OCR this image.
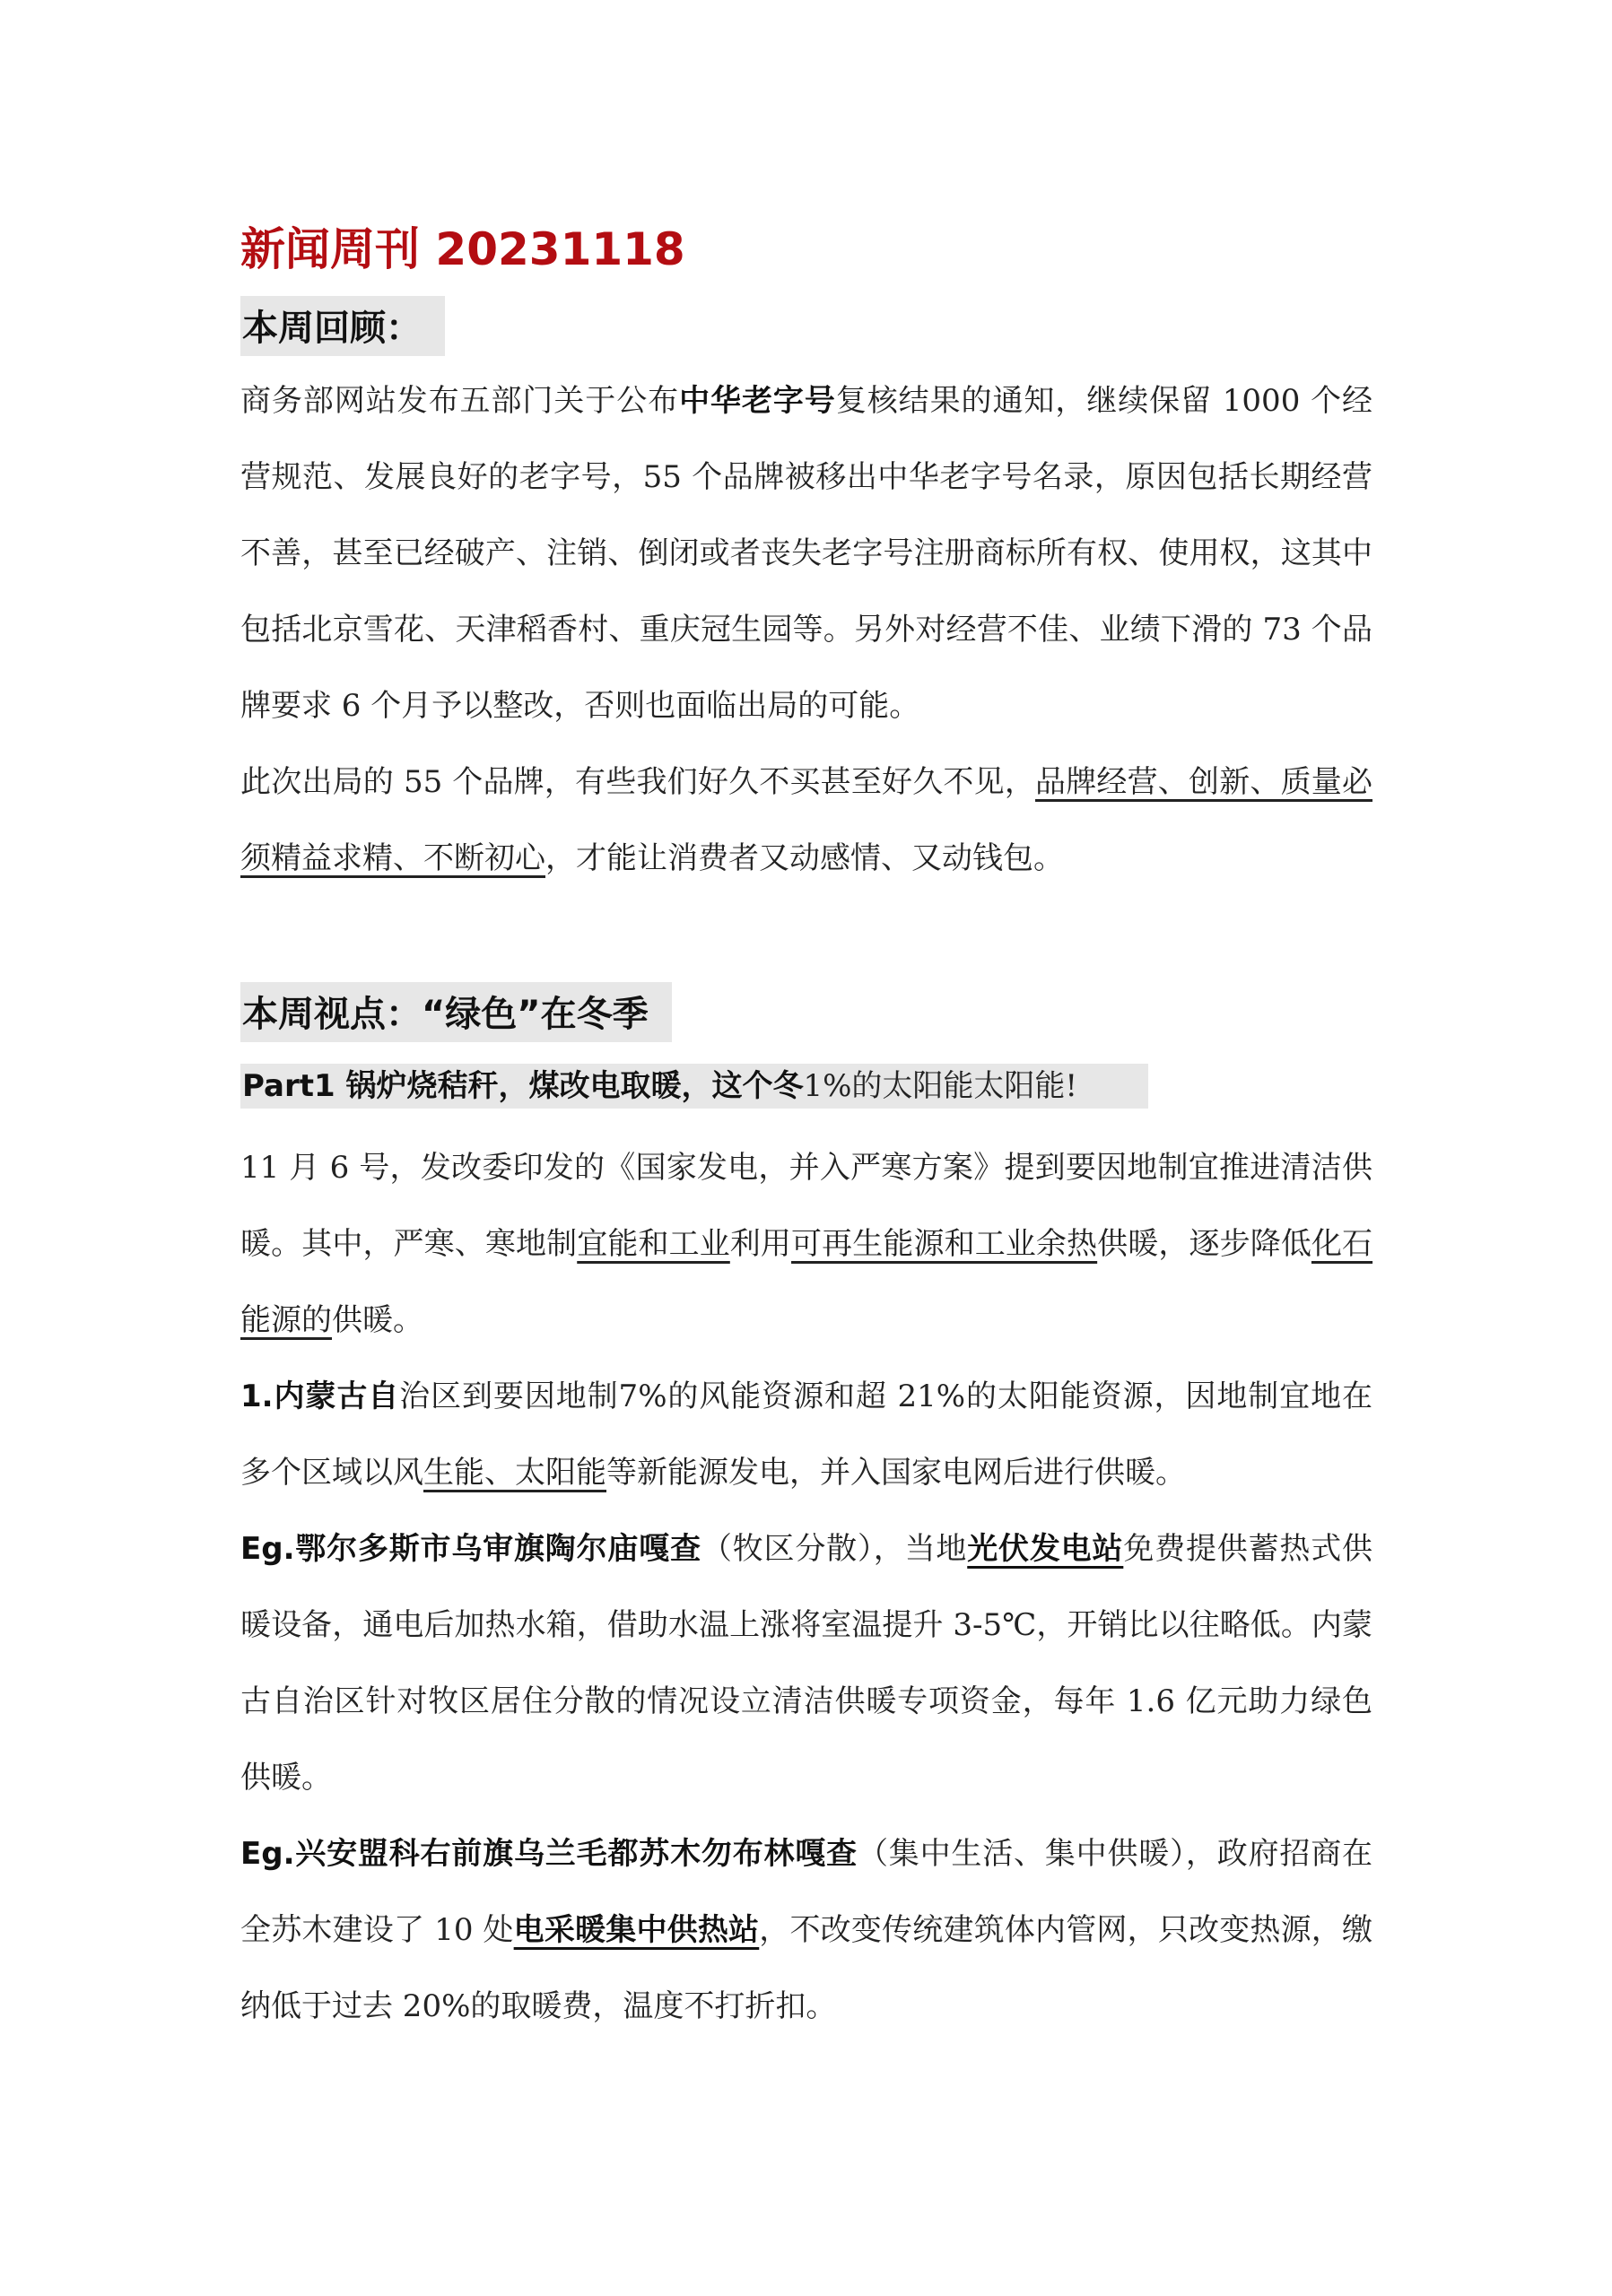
新闻周刊 20231118
本周回顾：
商务部网站发布五部门关于公布中华老字号复核结果的通知，继续保留 1000 个经营规范、发展良好的老字号，55 个品牌被移出中华老字号名录，原因包括长期经营不善，甚至已经破产、注销、倒闭或者丧失老字号注册商标所有权、使用权，这其中包括北京雪花、天津稻香村、重庆冠生园等。另外对经营不佳、业绩下滑的 73 个品牌要求 6 个月予以整改，否则也面临出局的可能。
此次出局的 55 个品牌，有些我们好久不买甚至好久不见，品牌经营、创新、质量必须精益求精、不断初心，才能让消费者又动感情、又动钱包。
本周视点：“绿色”在冬季
Part1 锅炉烧秸秆，煤改电取暖，这个冬1%的太阳能太阳能!
11 月 6 号，发改委印发的《国家发电，并入严寒方案》提到要因地制宜推进清洁供暖。其中，严寒、寒地制宜能和工业利用可再生能源和工业余热供暖，逐步降低化石能源的供暖。
1.内蒙古自治区到要因地制7%的风能资源和超 21%的太阳能资源，因地制宜地在多个区域以风生能、太阳能等新能源发电，并入国家电网后进行供暖。
Eg.鄂尔多斯市乌审旗陶尔庙嘎查（牧区分散），当地光伏发电站免费提供蓄热式供暖设备，通电后加热水箱，借助水温上涨将室温提升 3-5℃，开销比以往略低。内蒙古自治区针对牧区居住分散的情况设立清洁供暖专项资金，每年 1.6 亿元助力绿色供暖。
Eg.兴安盟科右前旗乌兰毛都苏木勿布林嘎查（集中生活、集中供暖），政府招商在全苏木建设了 10 处电采暖集中供热站，不改变传统建筑体内管网，只改变热源，缴纳低于过去 20%的取暖费，温度不打折扣。
